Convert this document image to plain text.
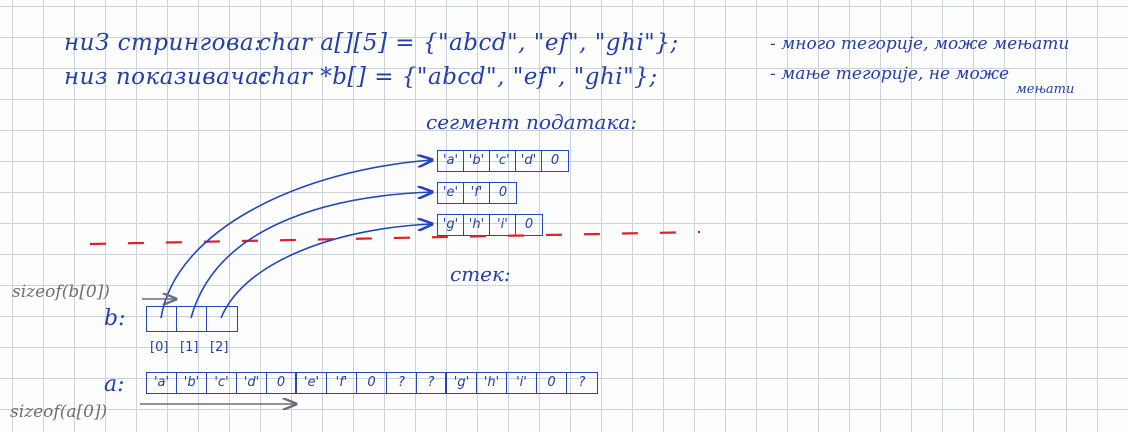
ниЗ стрингова:
char a[][5] = {"abcd", "ef", "ghi"};	- много тегорије, може мењати
низ показивача:
char *b[] = {"abcd", "ef", "ghi"};	- мање тегорије, не може
мењати
сегмент података:
стек:
'a' 'b' 'c' 'd'	0
'e' 'f'	0
'g' 'h' 'i'	0
sizeof(b[0])
b:
[0] [1] [2]
a:	'a'	'b'	'c'	'd'	0	'e'	'f'	0	?	?	'g'	'h'	'i'	0	?
sizeof(a[0])
